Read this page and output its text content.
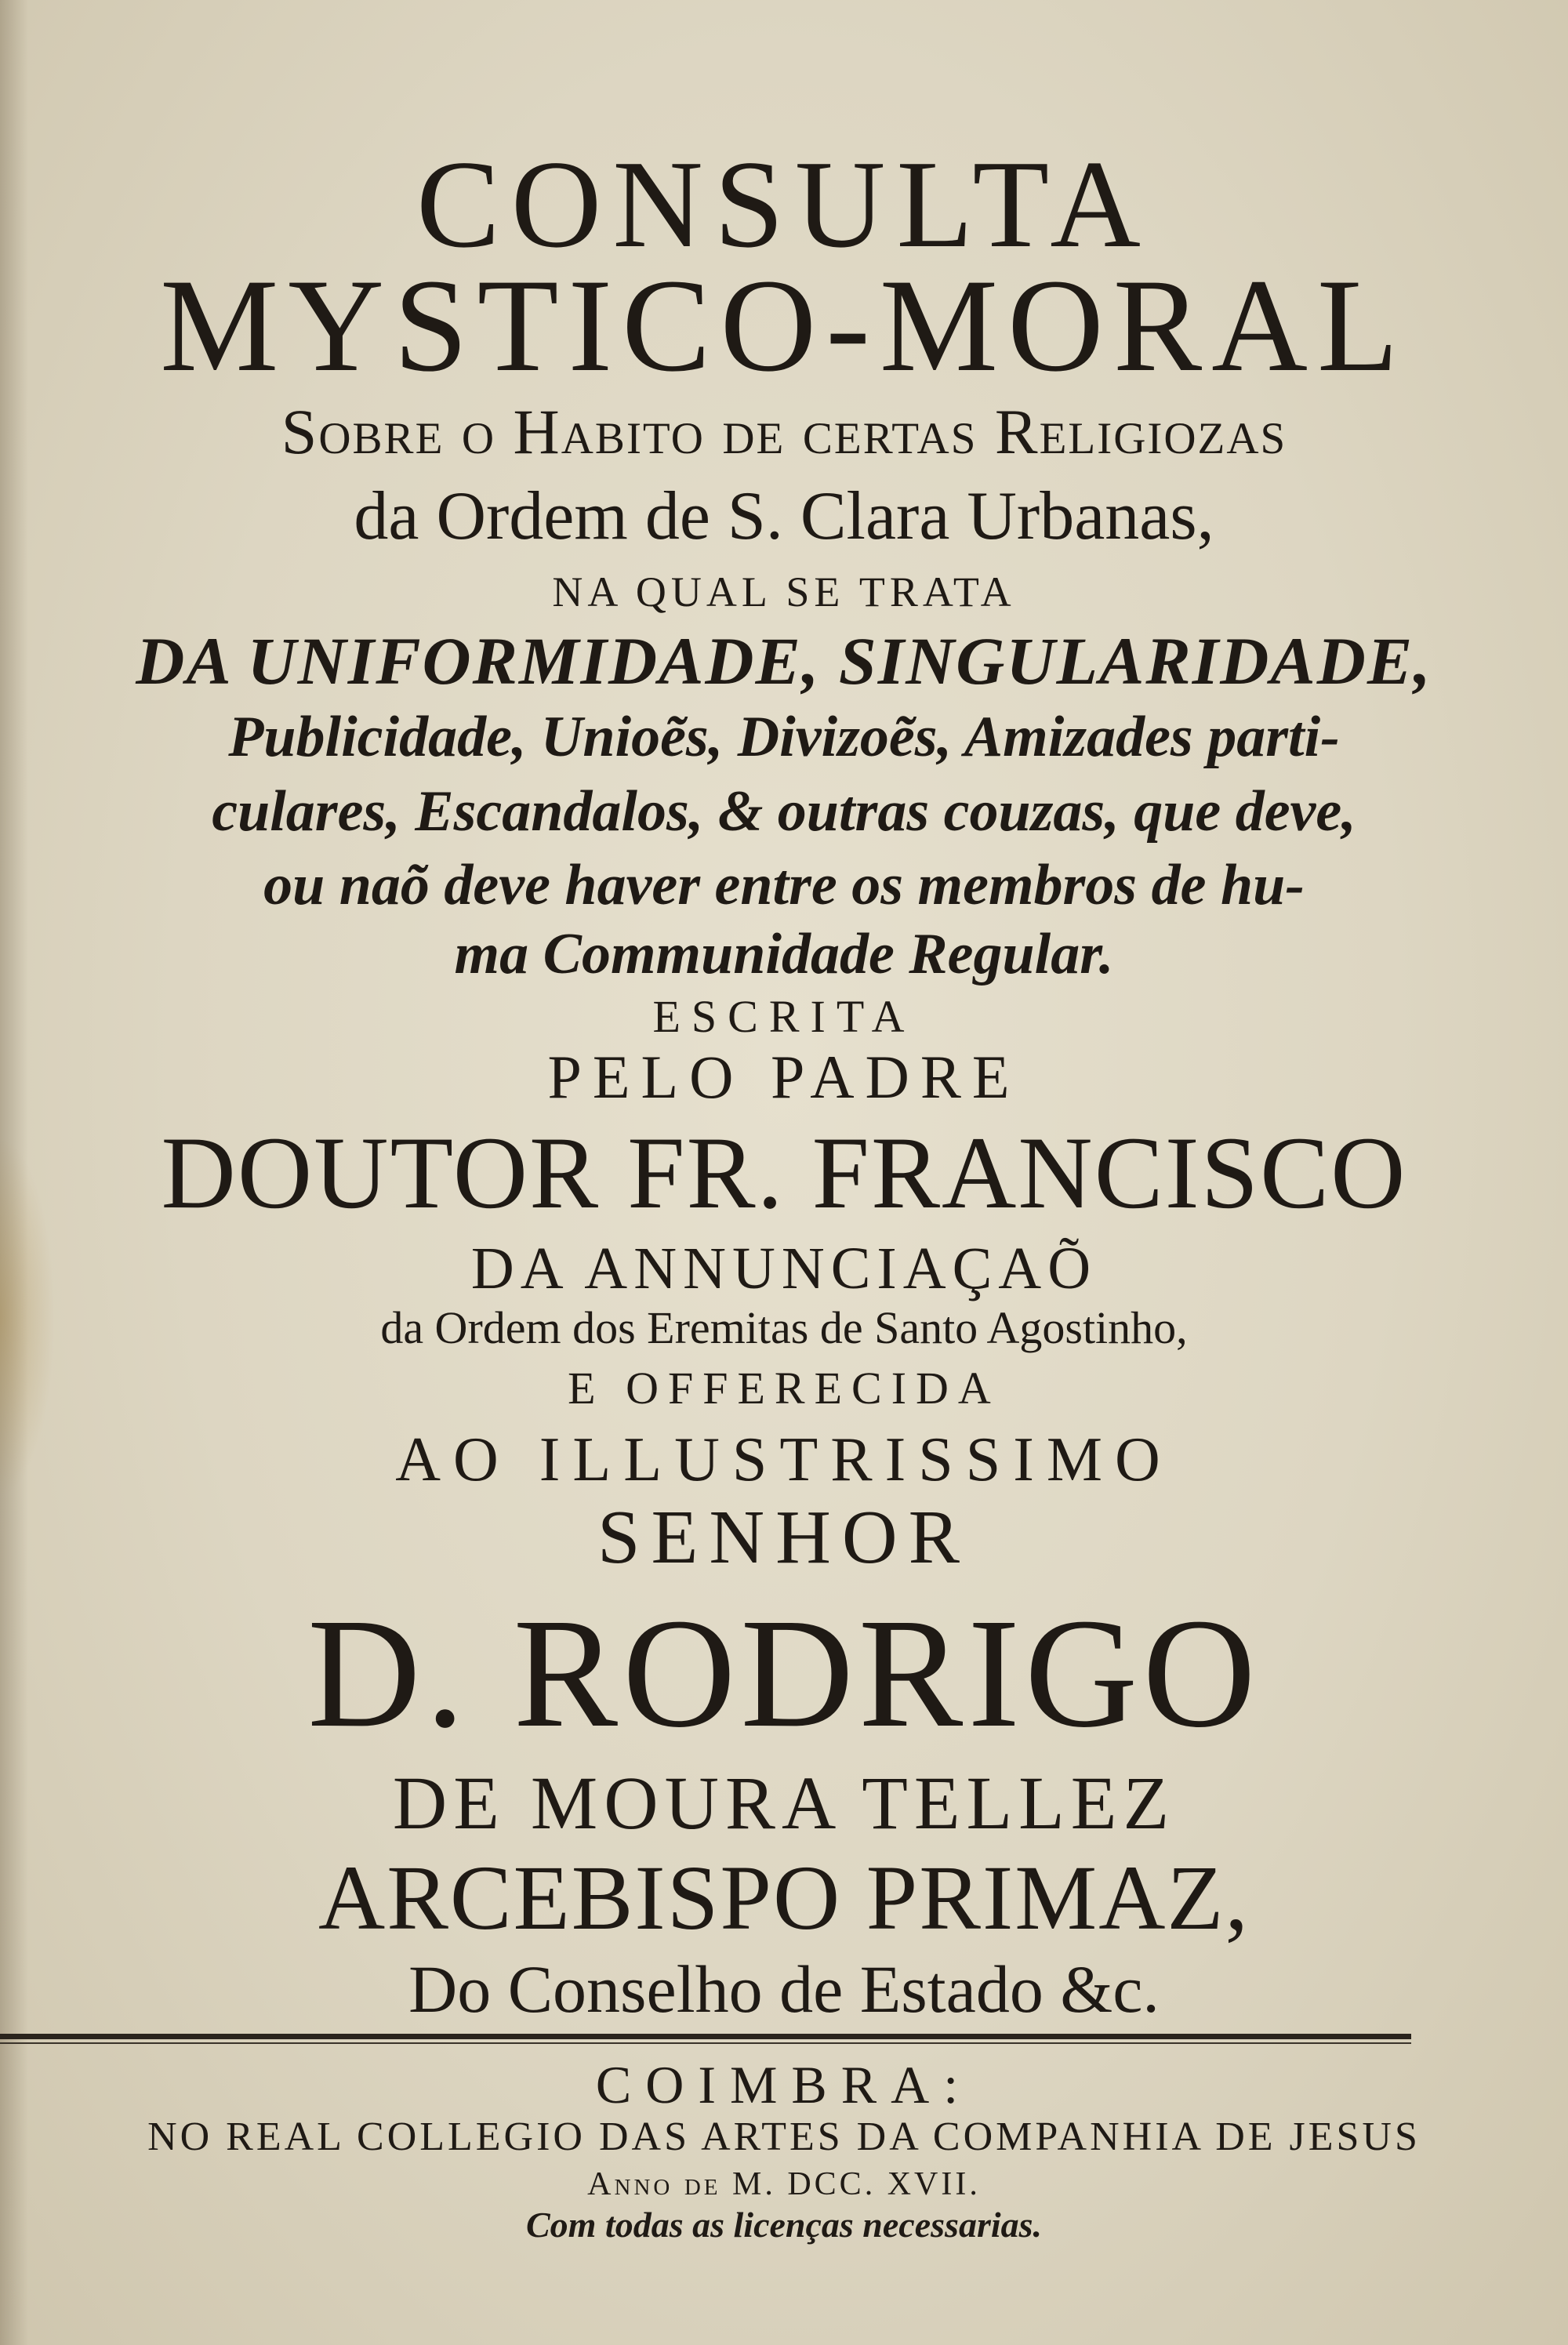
CONSULTA
MYSTICO-MORAL
Sobre o Habito de certas Religiozas
da Ordem de S. Clara Urbanas,
NA QUAL SE TRATA
DA UNIFORMIDADE, SINGULARIDADE,
Publicidade, Unioẽs, Divizoẽs, Amizades parti-
culares, Escandalos, & outras couzas, que deve,
ou naõ deve haver entre os membros de hu-
ma Communidade Regular.
ESCRITA
PELO PADRE
DOUTOR FR. FRANCISCO
DA ANNUNCIAÇAÕ
da Ordem dos Eremitas de Santo Agostinho,
E OFFERECIDA
AO ILLUSTRISSIMO
SENHOR
D. RODRIGO
DE MOURA TELLEZ
ARCEBISPO PRIMAZ,
Do Conselho de Estado &c.
COIMBRA:
NO REAL COLLEGIO DAS ARTES DA COMPANHIA DE JESUS
Anno de M. DCC. XVII.
Com todas as licenças necessarias.
